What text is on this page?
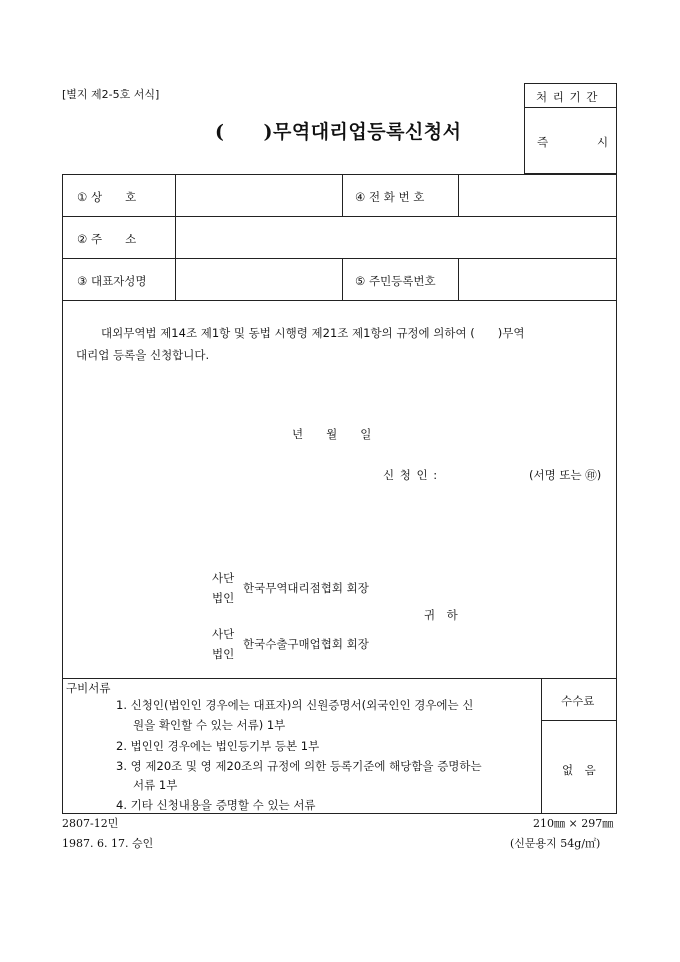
[별지 제2-5호 서식]
(　　)무역대리업등록신청서
처 리 기 간
즉	시
① 상　　호	④ 전 화 번 호
② 주　　소
③ 대표자성명	⑤ 주민등록번호
대외무역법 제14조 제1항 및 동법 시행령 제21조 제1항의 규정에 의하여 (　　)무역
대리업 등록을 신청합니다.
년　　월　　일
신 청 인 :	(서명 또는 ㊞)
사단
법인
한국무역대리점협회 회장
귀　하
사단
법인
한국수출구매업협회 회장
구비서류
1. 신청인(법인인 경우에는 대표자)의 신원증명서(외국인인 경우에는 신
원을 확인할 수 있는 서류) 1부
2. 법인인 경우에는 법인등기부 등본 1부
3. 영 제20조 및 영 제20조의 규정에 의한 등록기준에 해당함을 증명하는
서류 1부
4. 기타 신청내용을 증명할 수 있는 서류
수수료
없　음
2807-12민
1987. 6. 17. 승인
210㎜ × 297㎜
(신문용지 54g/㎡)
